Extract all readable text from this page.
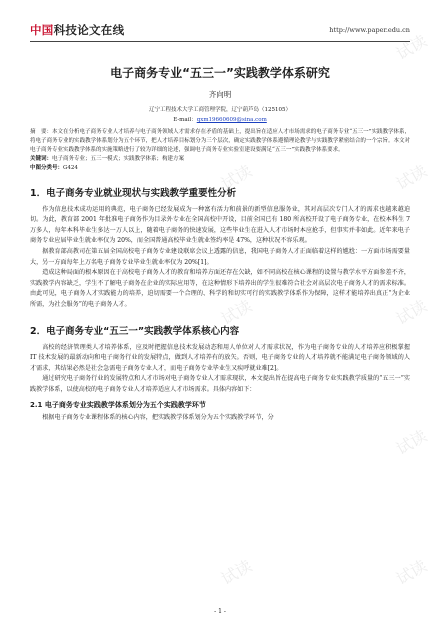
中国科技论文在线	http://www.paper.edu.cn
试读
试读
试读
试读
试读
试读
试读
试读
电子商务专业“五三一”实践教学体系研究
齐向明
辽宁工程技术大学工商管理学院，辽宁葫芦岛（125105）
E-mail：qxm19660609@sina.com
摘　要：本文在分析电子商务专业人才培养与电子商务领域人才需求存在矛盾的基础上，提出旨在适应人才市场需求的电子商务专业“五三一”实践教学体系，将电子商务专业的实践教学体系划分为五个环节，把人才培养目标划分为三个层次，确定实践教学体系遵循理论教学与实践教学紧密结合的一个宗旨。本文对电子商务专业实践教学体系的实施策略进行了较为详细的论述，强调电子商务专业实验室建设要满足“五三一”实践教学体系要求。
关键词：电子商务专业；五三一模式；实践教学体系；构建方案
中图分类号：G424
1．电子商务专业就业现状与实践教学重要性分析

作为信息技术成功运用的典范，电子商务已经发展成为一种富有活力和前景的新型信息服务业，其对高层次专门人才的需求也越来越迫切。为此，教育部 2001 年批准电子商务作为目录外专业在全国高校中开设，目前全国已有 180 所高校开设了电子商务专业，在校本科生 7 万多人，每年本科毕业生多达一万人以上，随着电子商务的快速发展，这些毕业生在进入人才市场时本应抢手，但事实并非如此。近年来电子商务专业应届毕业生就业率仅为 20%，而全国普通高校毕业生就业签约率是 47%，这种状况不容乐观。

据教育部高教司在第五届全国高校电子商务专业建设联席会议上透露的信息，我国电子商务人才正面临着这样的尴尬：一方面市场需要量大，另一方面每年上万名电子商务专业毕业生就业率仅为 20%[1]。

造成这种局面的根本原因在于高校电子商务人才的教育和培养方面还存在欠缺，如不同高校在核心课程的设置与教学水平方面参差不齐，实践教学内容缺乏，学生不了解电子商务在企业的实际应用等，在这种情形下培养出的学生很难符合社会对高层次电子商务人才的需求标准。由此可见，电子商务人才实践能力的培养，迫切需要一个合理的、科学的和切实可行的实践教学体系作为保障，这样才能培养出真正“为企业所需，为社会服务”的电子商务人才。

2．电子商务专业“五三一”实践教学体系核心内容

高校的经济管理类人才培养体系，应及时把握信息技术发展动态和用人单位对人才需求状况，作为电子商务专业的人才培养应积极掌握 IT 技术发展的最新动向和电子商务行业的发展特点，做到人才培养有的放矢。否则，电子商务专业的人才培养就不能满足电子商务领域的人才需求，其结果必然是社会急需电子商务专业人才，而电子商务专业毕业生又疾呼就业难[2]。

通过研究电子商务行业的发展特点和人才市场对电子商务专业人才需求现状，本文提出旨在提高电子商务专业实践教学质量的“五三一”实践教学体系，以使高校的电子商务专业人才培养适应人才市场需求。具体内容如下：

2.1 电子商务专业实践教学体系划分为五个实践教学环节

根据电子商务专业课程体系的核心内容，把实践教学体系划分为五个实践教学环节，分

- 1 -
